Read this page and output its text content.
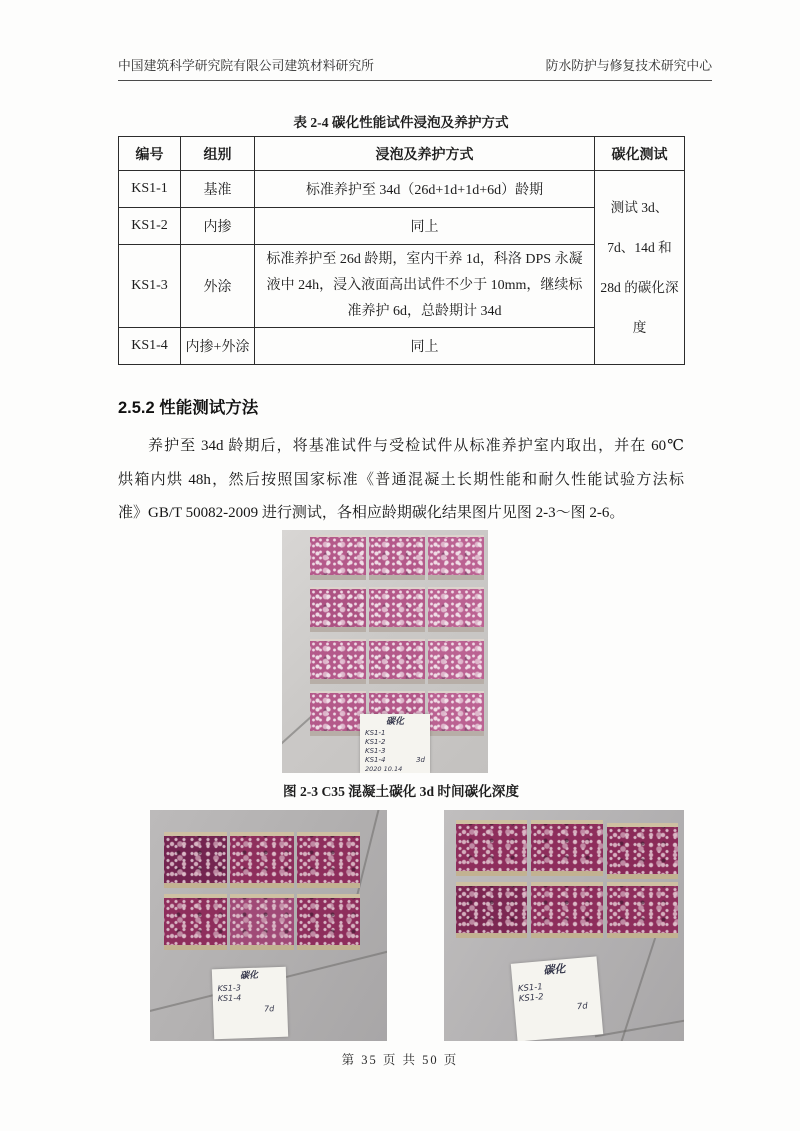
中国建筑科学研究院有限公司建筑材料研究所	防水防护与修复技术研究中心
表 2-4 碳化性能试件浸泡及养护方式
编号	组别	浸泡及养护方式	碳化测试
KS1-1	基准	标准养护至 34d（26d+1d+1d+6d）龄期	测试 3d、7d、14d 和 28d 的碳化深度
KS1-2	内掺	同上	
KS1-3	外涂	标准养护至 26d 龄期，室内干养 1d，科洛 DPS 永凝液中 24h，浸入液面高出试件不少于 10mm，继续标准养护 6d，总龄期计 34d	
KS1-4	内掺+外涂	同上	
2.5.2 性能测试方法
养护至 34d 龄期后，将基准试件与受检试件从标准养护室内取出，并在 60℃
烘箱内烘 48h，然后按照国家标准《普通混凝土长期性能和耐久性能试验方法标
准》GB/T 50082-2009 进行测试，各相应龄期碳化结果图片见图 2-3～图 2-6。
碳化
KS1-1
KS1-2
KS1-3
KS1-4	3d
2020 10.14
图 2-3 C35 混凝土碳化 3d 时间碳化深度
碳化
KS1-3
KS1-4
7d
碳化
KS1-1
KS1-2
7d
第 35 页 共 50 页
